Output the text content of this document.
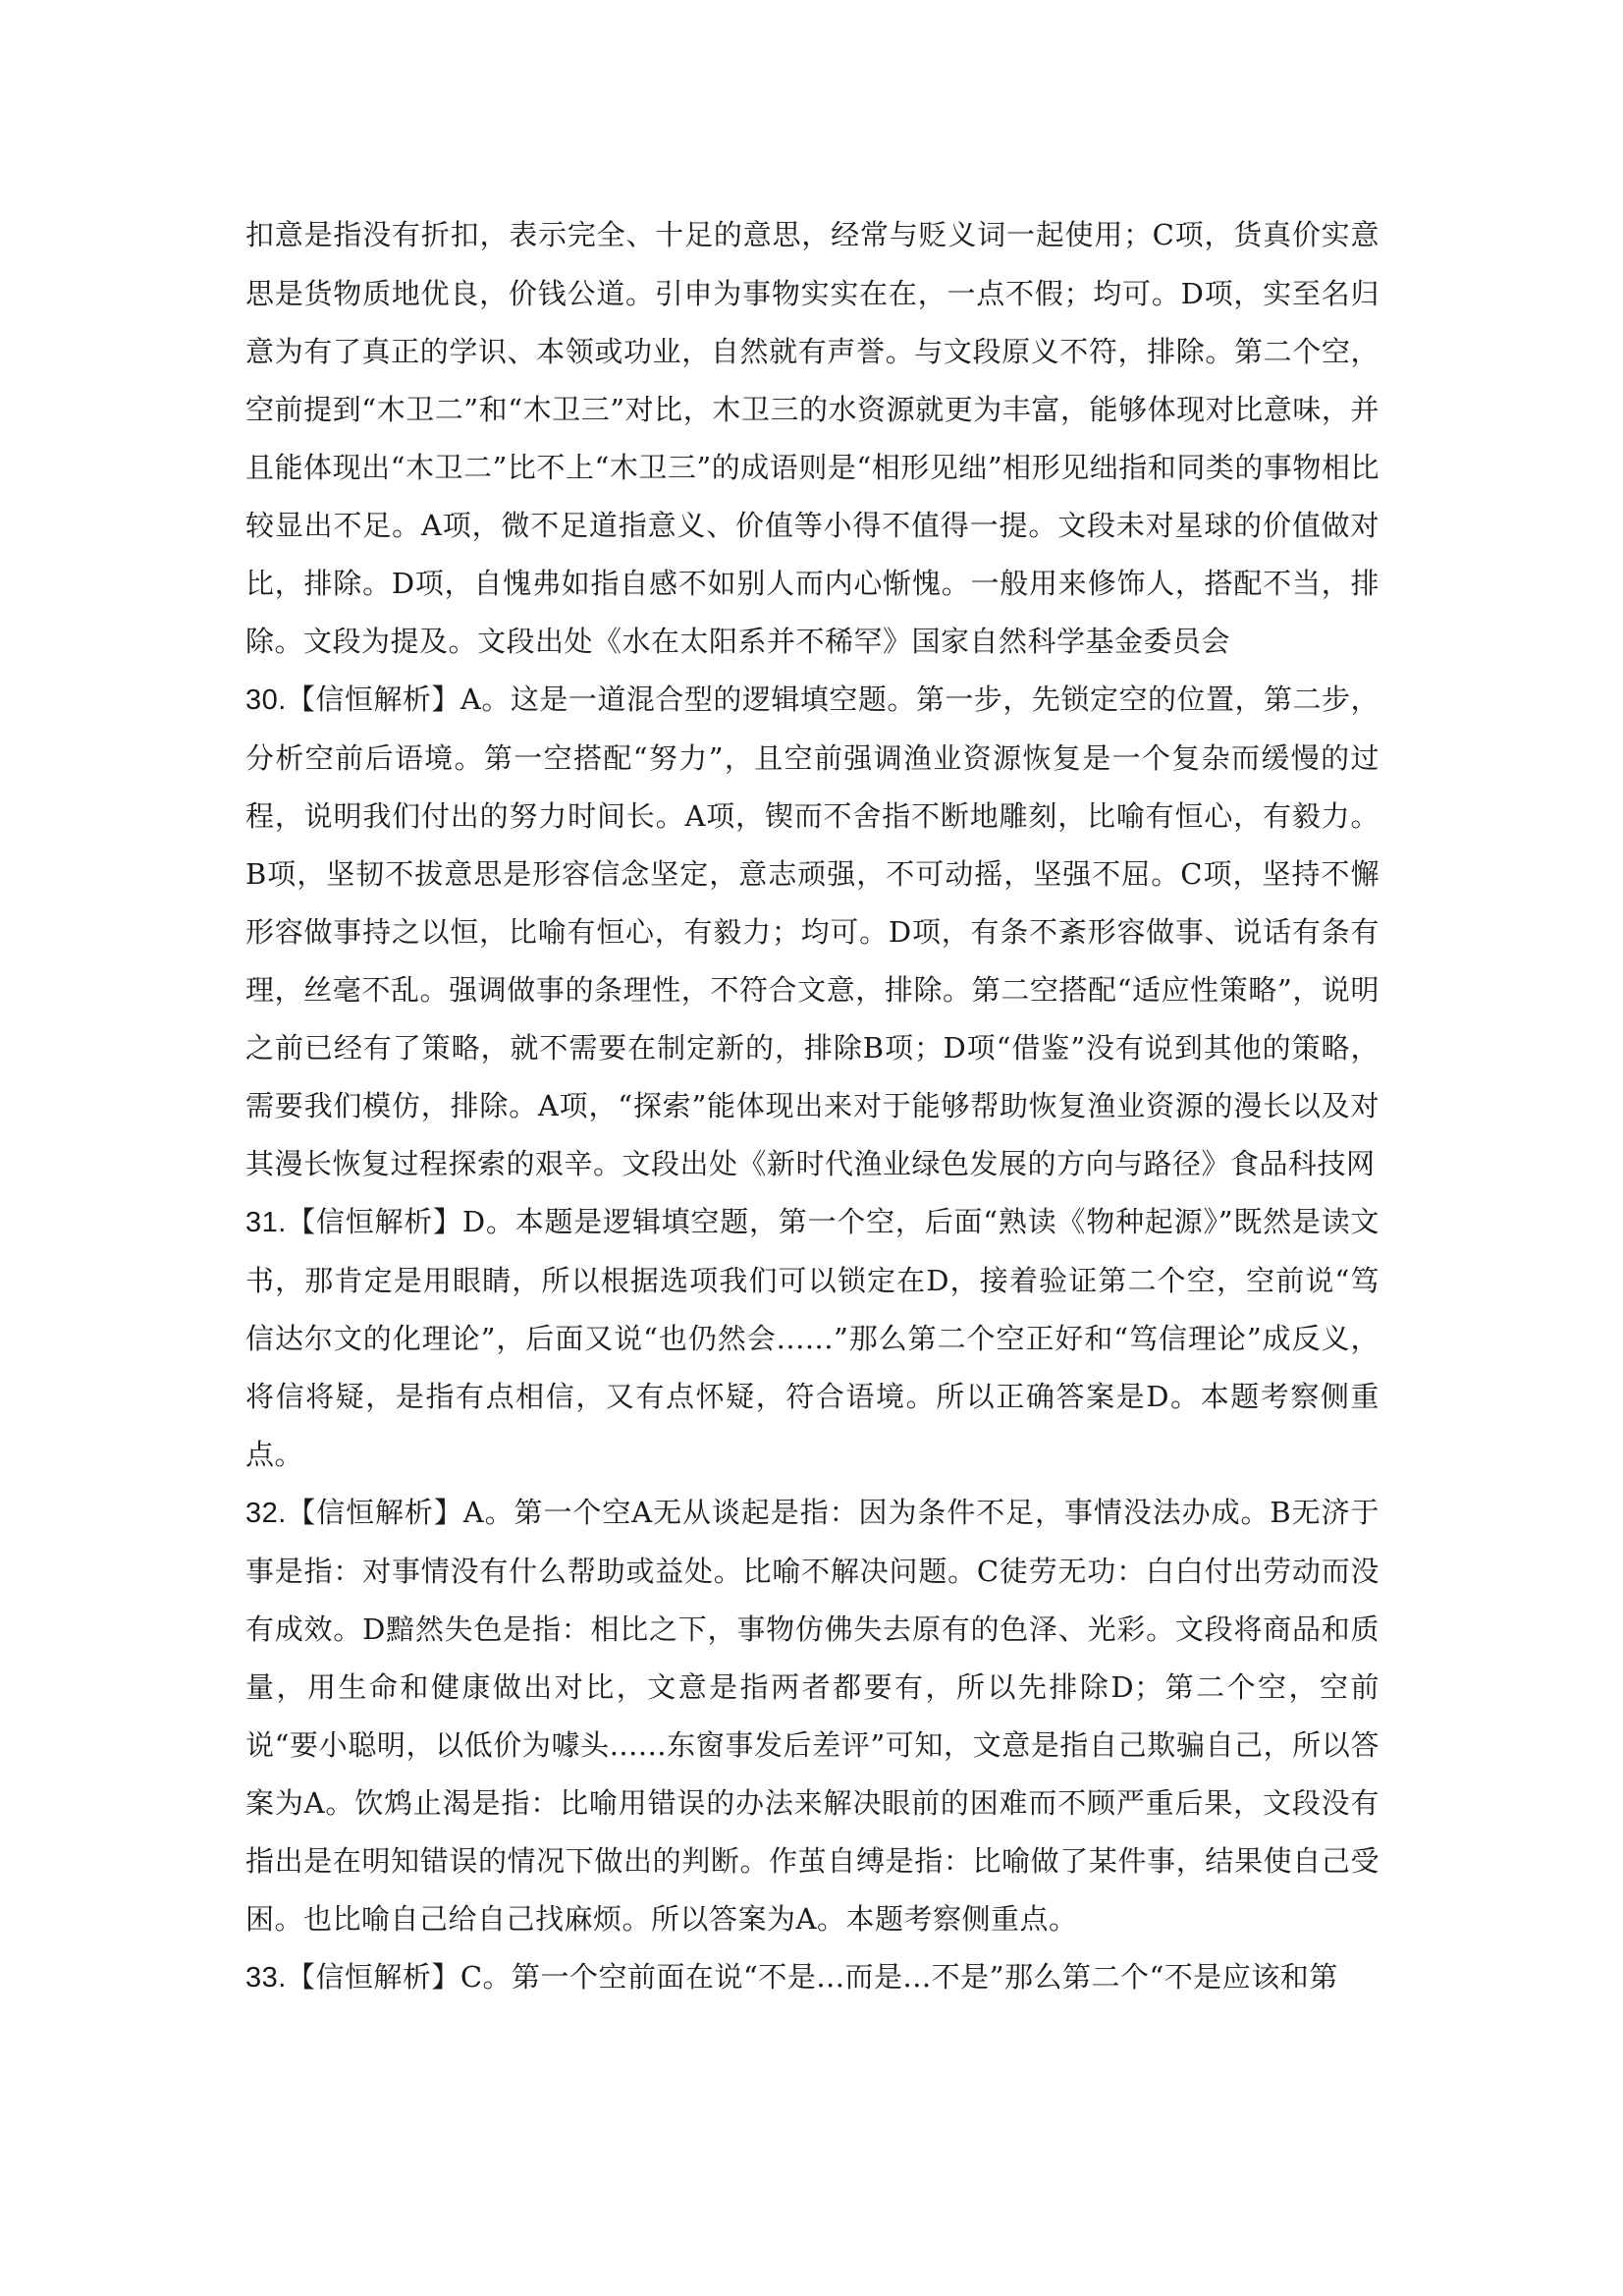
扣意是指没有折扣，表示完全、十足的意思，经常与贬义词一起使用；C项，货真价实意思是货物质地优良，价钱公道。引申为事物实实在在，一点不假；均可。D项，实至名归意为有了真正的学识、本领或功业，自然就有声誉。与文段原义不符，排除。第二个空，空前提到“木卫二”和“木卫三”对比，木卫三的水资源就更为丰富，能够体现对比意味，并且能体现出“木卫二”比不上“木卫三”的成语则是“相形见绌”相形见绌指和同类的事物相比较显出不足。A项，微不足道指意义、价值等小得不值得一提。文段未对星球的价值做对比，排除。D项，自愧弗如指自感不如别人而内心惭愧。一般用来修饰人，搭配不当，排除。文段为提及。文段出处《水在太阳系并不稀罕》国家自然科学基金委员会

30.【信恒解析】A。这是一道混合型的逻辑填空题。第一步，先锁定空的位置，第二步，分析空前后语境。第一空搭配“努力”，且空前强调渔业资源恢复是一个复杂而缓慢的过程，说明我们付出的努力时间长。A项，锲而不舍指不断地雕刻，比喻有恒心，有毅力。B项，坚韧不拔意思是形容信念坚定，意志顽强，不可动摇，坚强不屈。C项，坚持不懈形容做事持之以恒，比喻有恒心，有毅力；均可。D项，有条不紊形容做事、说话有条有理，丝毫不乱。强调做事的条理性，不符合文意，排除。第二空搭配“适应性策略”，说明之前已经有了策略，就不需要在制定新的，排除B项；D项“借鉴”没有说到其他的策略，需要我们模仿，排除。A项，“探索”能体现出来对于能够帮助恢复渔业资源的漫长以及对其漫长恢复过程探索的艰辛。文段出处《新时代渔业绿色发展的方向与路径》食品科技网

31.【信恒解析】D。本题是逻辑填空题，第一个空，后面“熟读《物种起源》”既然是读文书，那肯定是用眼睛，所以根据选项我们可以锁定在D，接着验证第二个空，空前说“笃信达尔文的化理论”，后面又说“也仍然会......”那么第二个空正好和“笃信理论”成反义，将信将疑，是指有点相信，又有点怀疑，符合语境。所以正确答案是D。本题考察侧重点。

32.【信恒解析】A。第一个空A无从谈起是指：因为条件不足，事情没法办成。B无济于事是指：对事情没有什么帮助或益处。比喻不解决问题。C徒劳无功：白白付出劳动而没有成效。D黯然失色是指：相比之下，事物仿佛失去原有的色泽、光彩。文段将商品和质量，用生命和健康做出对比，文意是指两者都要有，所以先排除D；第二个空，空前说“要小聪明，以低价为噱头......东窗事发后差评”可知，文意是指自己欺骗自己，所以答案为A。饮鸩止渴是指：比喻用错误的办法来解决眼前的困难而不顾严重后果，文段没有指出是在明知错误的情况下做出的判断。作茧自缚是指：比喻做了某件事，结果使自己受困。也比喻自己给自己找麻烦。所以答案为A。本题考察侧重点。

33.【信恒解析】C。第一个空前面在说“不是...而是...不是”那么第二个“不是应该和第
